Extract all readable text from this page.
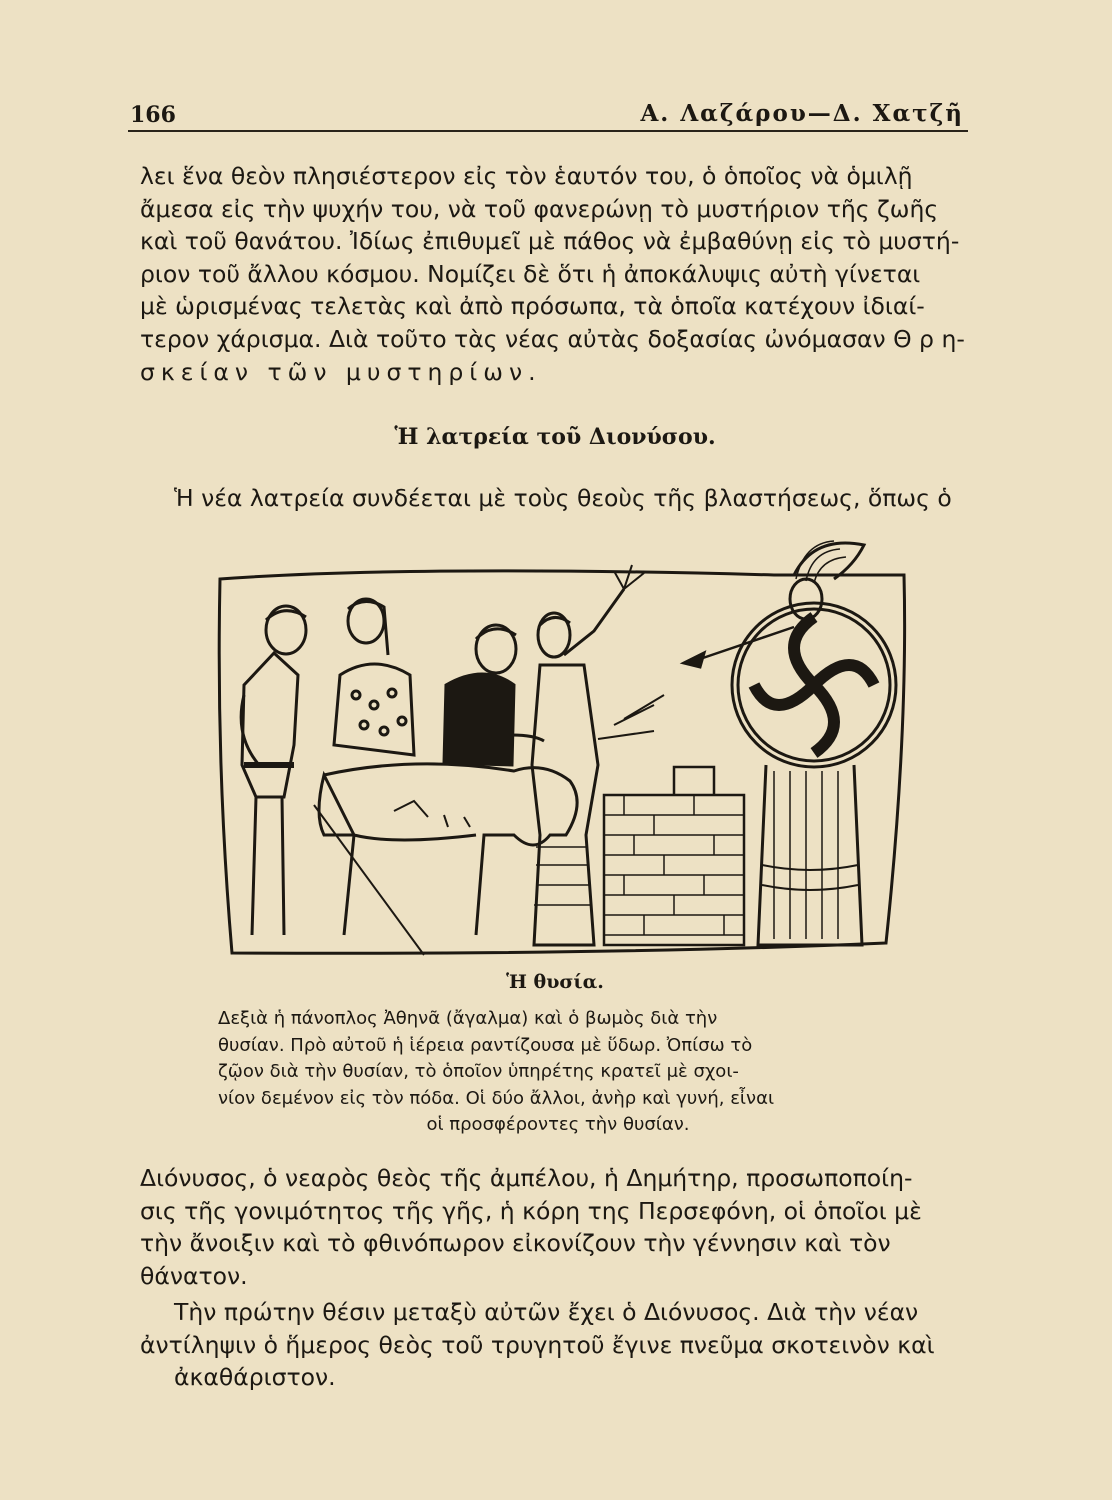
166	Α. Λαζάρου—Δ. Χατζῆ
λει ἕνα θεὸν πλησιέστερον εἰς τὸν ἑαυτόν του, ὁ ὁποῖος νὰ ὁμιλῇ
ἄμεσα εἰς τὴν ψυχήν του, νὰ τοῦ φανερώνῃ τὸ μυστήριον τῆς ζωῆς
καὶ τοῦ θανάτου. Ἰδίως ἐπιθυμεῖ μὲ πάθος νὰ ἐμβαθύνῃ εἰς τὸ μυστή-
ριον τοῦ ἄλλου κόσμου. Νομίζει δὲ ὅτι ἡ ἀποκάλυψις αὐτὴ γίνεται
μὲ ὡρισμένας τελετὰς καὶ ἀπὸ πρόσωπα, τὰ ὁποῖα κατέχουν ἰδιαί-
τερον χάρισμα. Διὰ τοῦτο τὰς νέας αὐτὰς δοξασίας ὠνόμασαν Θ ρ η-
σκείαν τῶν μυστηρίων.
Ἡ λατρεία τοῦ Διονύσου.
Ἡ νέα λατρεία συνδέεται μὲ τοὺς θεοὺς τῆς βλαστήσεως, ὅπως ὁ
Ἡ θυσία.
Δεξιὰ ἡ πάνοπλος Ἀθηνᾶ (ἄγαλμα) καὶ ὁ βωμὸς διὰ τὴν
θυσίαν. Πρὸ αὐτοῦ ἡ ἱέρεια ραντίζουσα μὲ ὕδωρ. Ὀπίσω τὸ
ζῷον διὰ τὴν θυσίαν, τὸ ὁποῖον ὑπηρέτης κρατεῖ μὲ σχοι-
νίον δεμένον εἰς τὸν πόδα. Οἱ δύο ἄλλοι, ἀνὴρ καὶ γυνή, εἶναι
οἱ προσφέροντες τὴν θυσίαν.
Διόνυσος, ὁ νεαρὸς θεὸς τῆς ἀμπέλου, ἡ Δημήτηρ, προσωποποίη-
σις τῆς γονιμότητος τῆς γῆς, ἡ κόρη της Περσεφόνη, οἱ ὁποῖοι μὲ
τὴν ἄνοιξιν καὶ τὸ φθινόπωρον εἰκονίζουν τὴν γέννησιν καὶ τὸν
θάνατον.
Τὴν πρώτην θέσιν μεταξὺ αὐτῶν ἔχει ὁ Διόνυσος. Διὰ τὴν νέαν
ἀντίληψιν ὁ ἥμερος θεὸς τοῦ τρυγητοῦ ἔγινε πνεῦμα σκοτεινὸν καὶ
ἀκαθάριστον.
